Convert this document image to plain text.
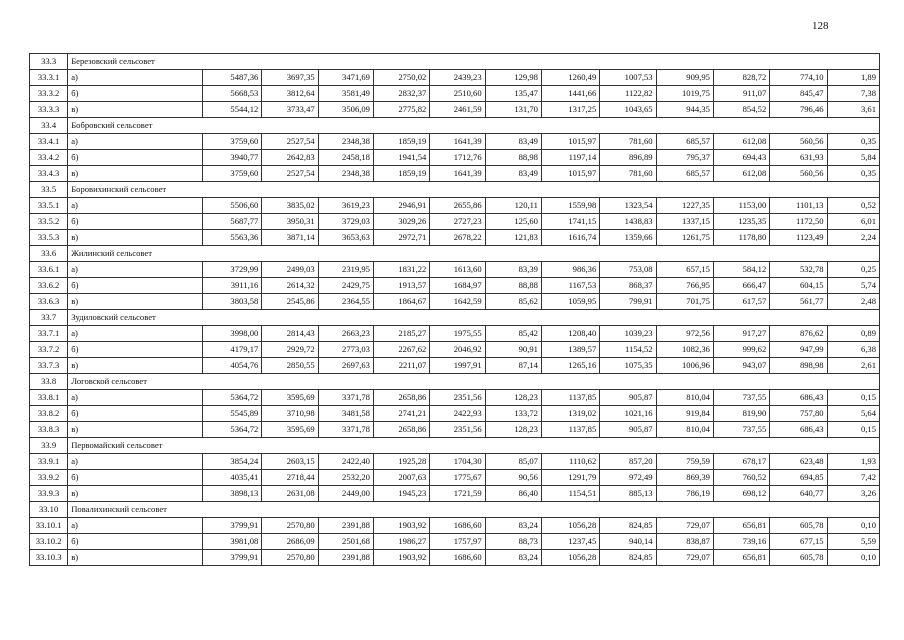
128
33.3	Березовский сельсовет												
33.3.1	а)	5487,36	3697,35	3471,69	2750,02	2439,23	129,98	1260,49	1007,53	909,95	828,72	774,10	1,89
33.3.2	б)	5668,53	3812,64	3581,49	2832,37	2510,60	135,47	1441,66	1122,82	1019,75	911,07	845,47	7,38
33.3.3	в)	5544,12	3733,47	3506,09	2775,82	2461,59	131,70	1317,25	1043,65	944,35	854,52	796,46	3,61
33.4	Бобровский сельсовет												
33.4.1	а)	3759,60	2527,54	2348,38	1859,19	1641,39	83,49	1015,97	781,60	685,57	612,08	560,56	0,35
33.4.2	б)	3940,77	2642,83	2458,18	1941,54	1712,76	88,98	1197,14	896,89	795,37	694,43	631,93	5,84
33.4.3	в)	3759,60	2527,54	2348,38	1859,19	1641,39	83,49	1015,97	781,60	685,57	612,08	560,56	0,35
33.5	Боровихинский сельсовет												
33.5.1	а)	5506,60	3835,02	3619,23	2946,91	2655,86	120,11	1559,98	1323,54	1227,35	1153,00	1101,13	0,52
33.5.2	б)	5687,77	3950,31	3729,03	3029,26	2727,23	125,60	1741,15	1438,83	1337,15	1235,35	1172,50	6,01
33.5.3	в)	5563,36	3871,14	3653,63	2972,71	2678,22	121,83	1616,74	1359,66	1261,75	1178,80	1123,49	2,24
33.6	Жилинский сельсовет												
33.6.1	а)	3729,99	2499,03	2319,95	1831,22	1613,60	83,39	986,36	753,08	657,15	584,12	532,78	0,25
33.6.2	б)	3911,16	2614,32	2429,75	1913,57	1684,97	88,88	1167,53	868,37	766,95	666,47	604,15	5,74
33.6.3	в)	3803,58	2545,86	2364,55	1864,67	1642,59	85,62	1059,95	799,91	701,75	617,57	561,77	2,48
33.7	Зудиловский сельсовет												
33.7.1	а)	3998,00	2814,43	2663,23	2185,27	1975,55	85,42	1208,40	1039,23	972,56	917,27	876,62	0,89
33.7.2	б)	4179,17	2929,72	2773,03	2267,62	2046,92	90,91	1389,57	1154,52	1082,36	999,62	947,99	6,38
33.7.3	в)	4054,76	2850,55	2697,63	2211,07	1997,91	87,14	1265,16	1075,35	1006,96	943,07	898,98	2,61
33.8	Логовской сельсовет												
33.8.1	а)	5364,72	3595,69	3371,78	2658,86	2351,56	128,23	1137,85	905,87	810,04	737,55	686,43	0,15
33.8.2	б)	5545,89	3710,98	3481,58	2741,21	2422,93	133,72	1319,02	1021,16	919,84	819,90	757,80	5,64
33.8.3	в)	5364,72	3595,69	3371,78	2658,86	2351,56	128,23	1137,85	905,87	810,04	737,55	686,43	0,15
33.9	Первомайский сельсовет												
33.9.1	а)	3854,24	2603,15	2422,40	1925,28	1704,30	85,07	1110,62	857,20	759,59	678,17	623,48	1,93
33.9.2	б)	4035,41	2718,44	2532,20	2007,63	1775,67	90,56	1291,79	972,49	869,39	760,52	694,85	7,42
33.9.3	в)	3898,13	2631,08	2449,00	1945,23	1721,59	86,40	1154,51	885,13	786,19	698,12	640,77	3,26
33.10	Повалихинский сельсовет												
33.10.1	а)	3799,91	2570,80	2391,88	1903,92	1686,60	83,24	1056,28	824,85	729,07	656,81	605,78	0,10
33.10.2	б)	3981,08	2686,09	2501,68	1986,27	1757,97	88,73	1237,45	940,14	838,87	739,16	677,15	5,59
33.10.3	в)	3799,91	2570,80	2391,88	1903,92	1686,60	83,24	1056,28	824,85	729,07	656,81	605,78	0,10
